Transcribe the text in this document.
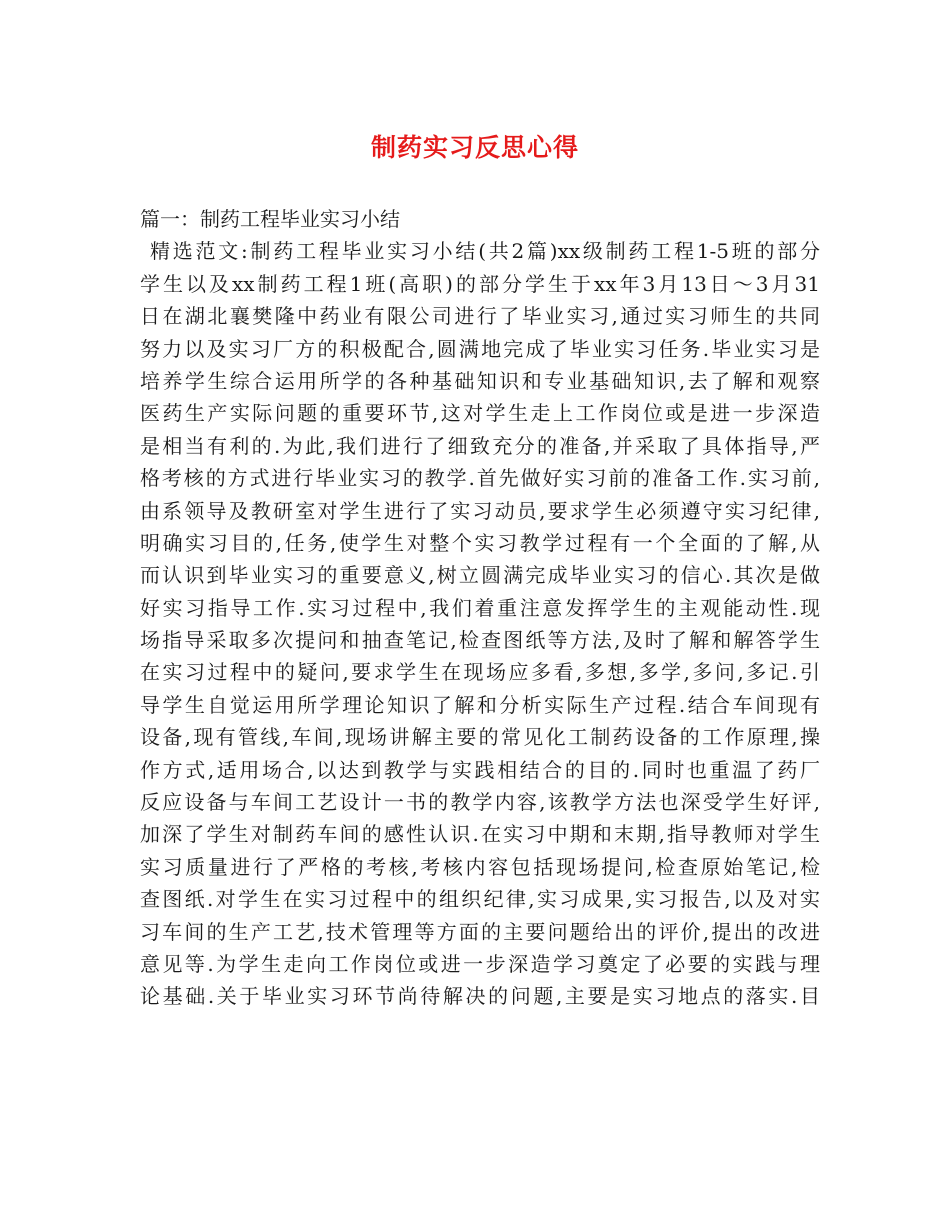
制药实习反思心得
篇一：制药工程毕业实习小结
精选范文:制药工程毕业实习小结(共2篇)xx级制药工程1-5班的部分
学生以及xx制药工程1班(高职)的部分学生于xx年3月13日～3月31
日在湖北襄樊隆中药业有限公司进行了毕业实习,通过实习师生的共同
努力以及实习厂方的积极配合,圆满地完成了毕业实习任务.毕业实习是
培养学生综合运用所学的各种基础知识和专业基础知识,去了解和观察
医药生产实际问题的重要环节,这对学生走上工作岗位或是进一步深造
是相当有利的.为此,我们进行了细致充分的准备,并采取了具体指导,严
格考核的方式进行毕业实习的教学.首先做好实习前的准备工作.实习前,
由系领导及教研室对学生进行了实习动员,要求学生必须遵守实习纪律,
明确实习目的,任务,使学生对整个实习教学过程有一个全面的了解,从
而认识到毕业实习的重要意义,树立圆满完成毕业实习的信心.其次是做
好实习指导工作.实习过程中,我们着重注意发挥学生的主观能动性.现
场指导采取多次提问和抽查笔记,检查图纸等方法,及时了解和解答学生
在实习过程中的疑问,要求学生在现场应多看,多想,多学,多问,多记.引
导学生自觉运用所学理论知识了解和分析实际生产过程.结合车间现有
设备,现有管线,车间,现场讲解主要的常见化工制药设备的工作原理,操
作方式,适用场合,以达到教学与实践相结合的目的.同时也重温了药厂
反应设备与车间工艺设计一书的教学内容,该教学方法也深受学生好评,
加深了学生对制药车间的感性认识.在实习中期和末期,指导教师对学生
实习质量进行了严格的考核,考核内容包括现场提问,检查原始笔记,检
查图纸.对学生在实习过程中的组织纪律,实习成果,实习报告,以及对实
习车间的生产工艺,技术管理等方面的主要问题给出的评价,提出的改进
意见等.为学生走向工作岗位或进一步深造学习奠定了必要的实践与理
论基础.关于毕业实习环节尚待解决的问题,主要是实习地点的落实.目
